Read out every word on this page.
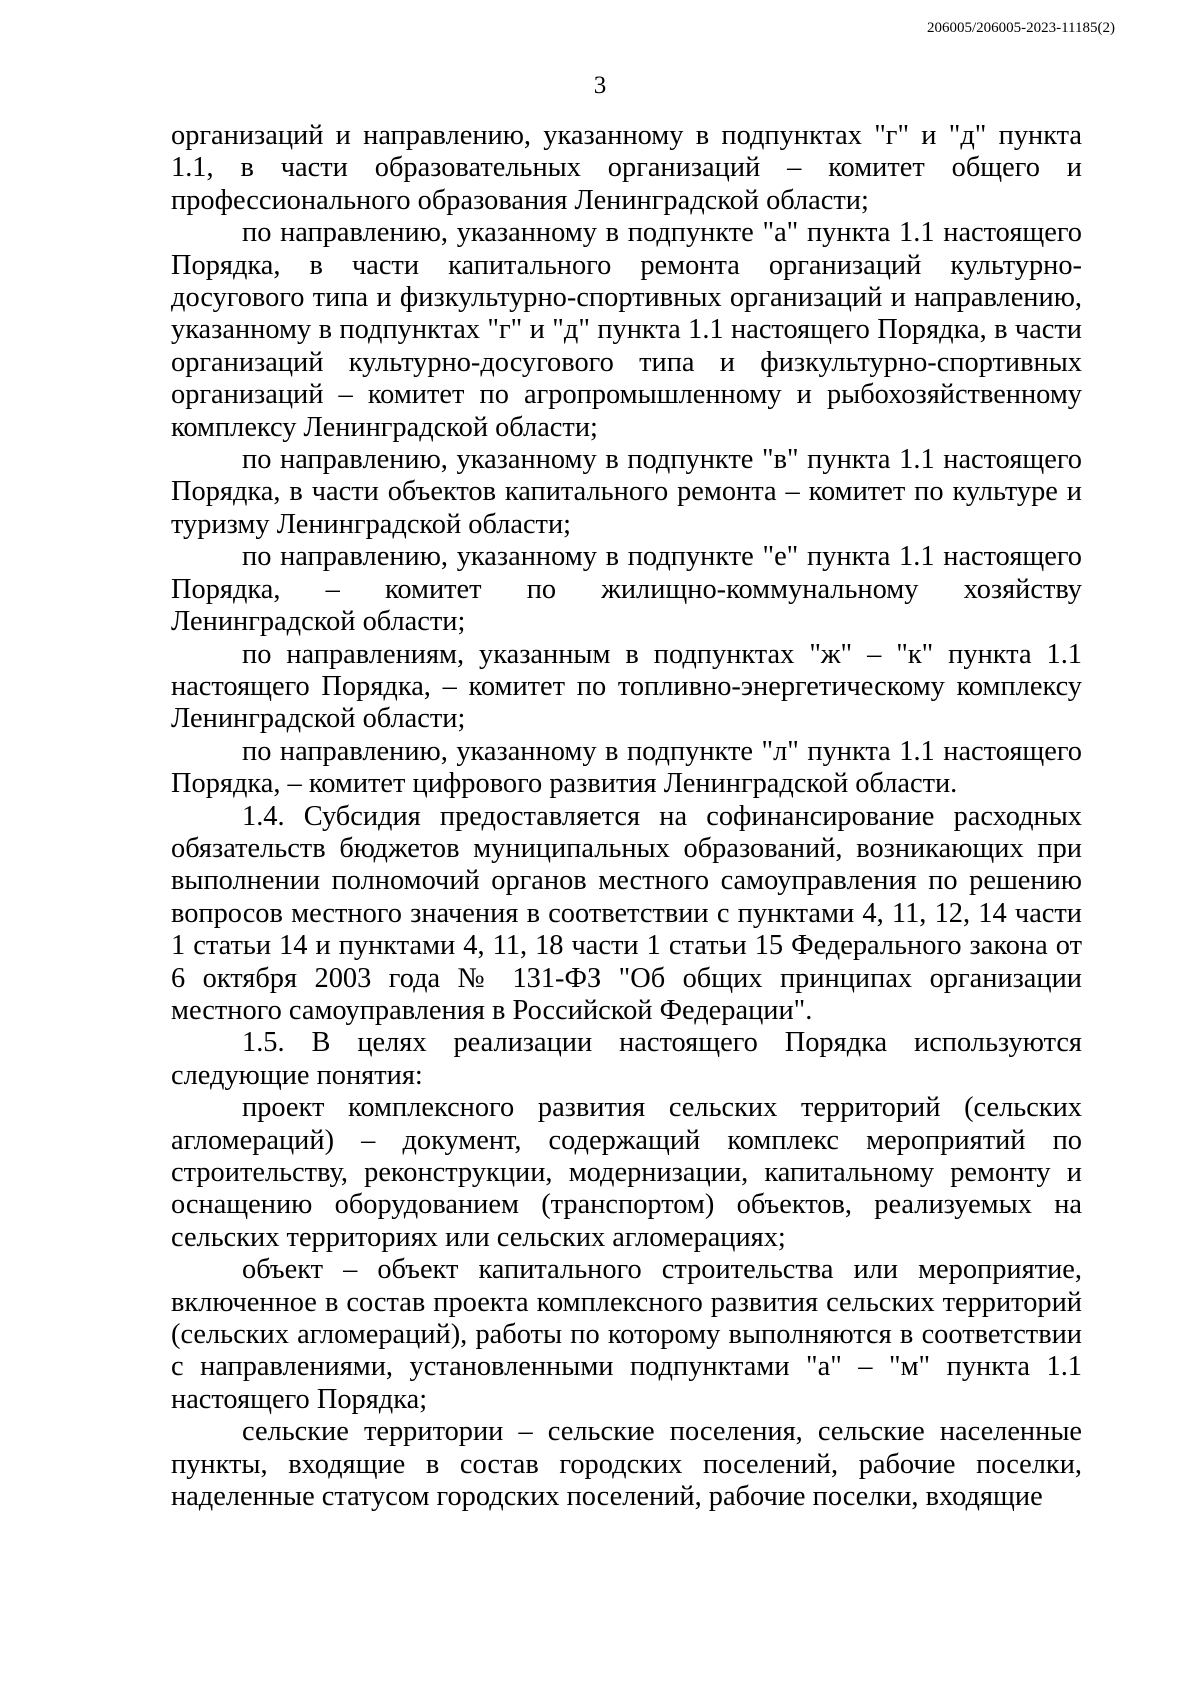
206005/206005-2023-11185(2)
3

организаций и направлению, указанному в подпунктах "г" и "д" пункта 1.1, в части образовательных организаций – комитет общего и профессионального образования Ленинградской области;

по направлению, указанному в подпункте "а" пункта 1.1 настоящего Порядка, в части капитального ремонта организаций культурно-досугового типа и физкультурно-спортивных организаций и направлению, указанному в подпунктах "г" и "д" пункта 1.1 настоящего Порядка, в части организаций культурно-досугового типа и физкультурно-спортивных организаций – комитет по агропромышленному и рыбохозяйственному комплексу Ленинградской области;

по направлению, указанному в подпункте "в" пункта 1.1 настоящего Порядка, в части объектов капитального ремонта – комитет по культуре и туризму Ленинградской области;

по направлению, указанному в подпункте "е" пункта 1.1 настоящего Порядка, – комитет по жилищно-коммунальному хозяйству Ленинградской области;

по направлениям, указанным в подпунктах "ж" – "к" пункта 1.1 настоящего Порядка, – комитет по топливно-энергетическому комплексу Ленинградской области;

по направлению, указанному в подпункте "л" пункта 1.1 настоящего Порядка, – комитет цифрового развития Ленинградской области.

1.4. Субсидия предоставляется на софинансирование расходных обязательств бюджетов муниципальных образований, возникающих при выполнении полномочий органов местного самоуправления по решению вопросов местного значения в соответствии с пунктами 4, 11, 12, 14 части 1 статьи 14 и пунктами 4, 11, 18 части 1 статьи 15 Федерального закона от 6 октября 2003 года № 131-ФЗ "Об общих принципах организации местного самоуправления в Российской Федерации".

1.5. В целях реализации настоящего Порядка используются следующие понятия:

проект комплексного развития сельских территорий (сельских агломераций) – документ, содержащий комплекс мероприятий по строительству, реконструкции, модернизации, капитальному ремонту и оснащению оборудованием (транспортом) объектов, реализуемых на сельских территориях или сельских агломерациях;

объект – объект капитального строительства или мероприятие, включенное в состав проекта комплексного развития сельских территорий (сельских агломераций), работы по которому выполняются в соответствии с направлениями, установленными подпунктами "а" – "м" пункта 1.1 настоящего Порядка;

сельские территории – сельские поселения, сельские населенные пункты, входящие в состав городских поселений, рабочие поселки, наделенные статусом городских поселений, рабочие поселки, входящие
